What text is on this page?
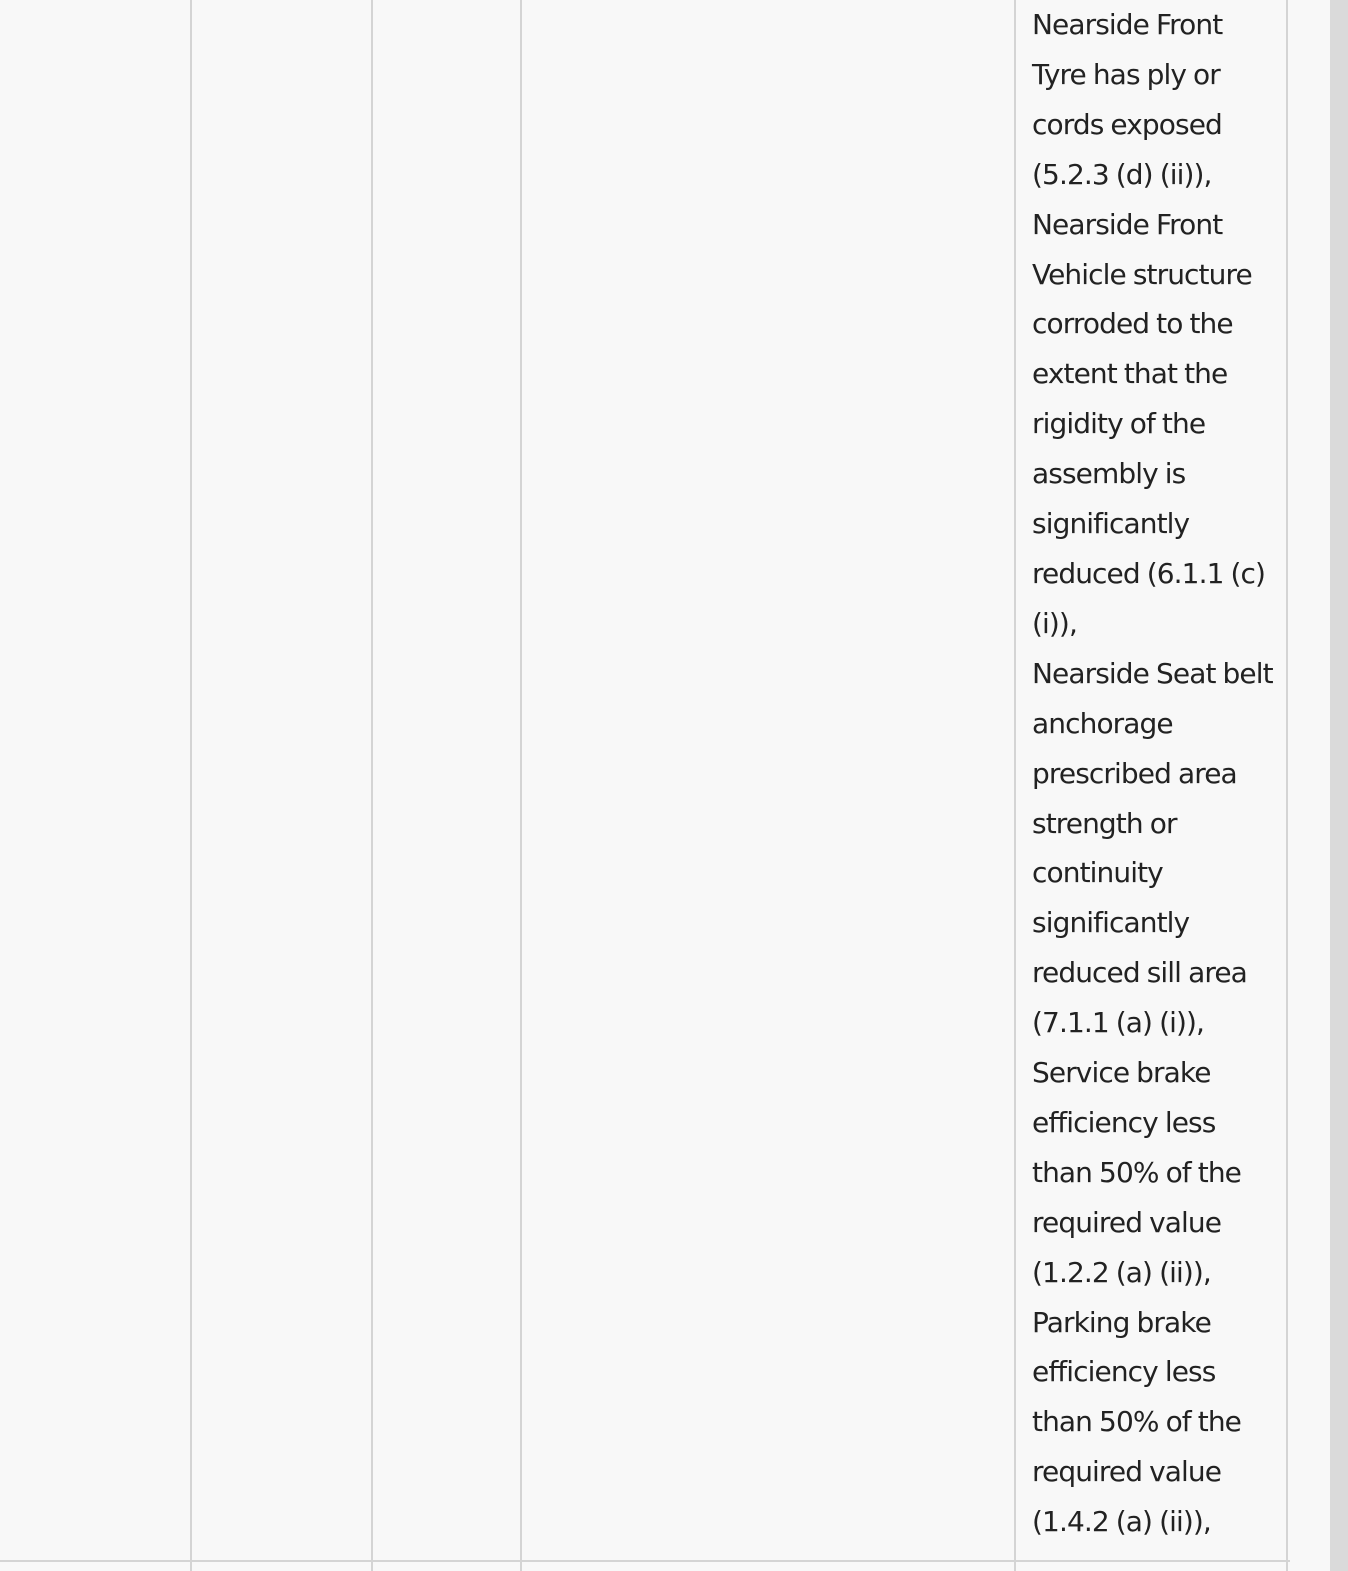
Nearside Front Tyre has ply or cords exposed (5.2.3 (d) (ii)),
Nearside Front Vehicle structure corroded to the extent that the rigidity of the assembly is significantly reduced (6.1.1 (c) (i)),
Nearside Seat belt anchorage prescribed area strength or continuity significantly reduced sill area (7.1.1 (a) (i)),
Service brake efficiency less than 50% of the required value (1.2.2 (a) (ii)),
Parking brake efficiency less than 50% of the required value (1.4.2 (a) (ii)),
